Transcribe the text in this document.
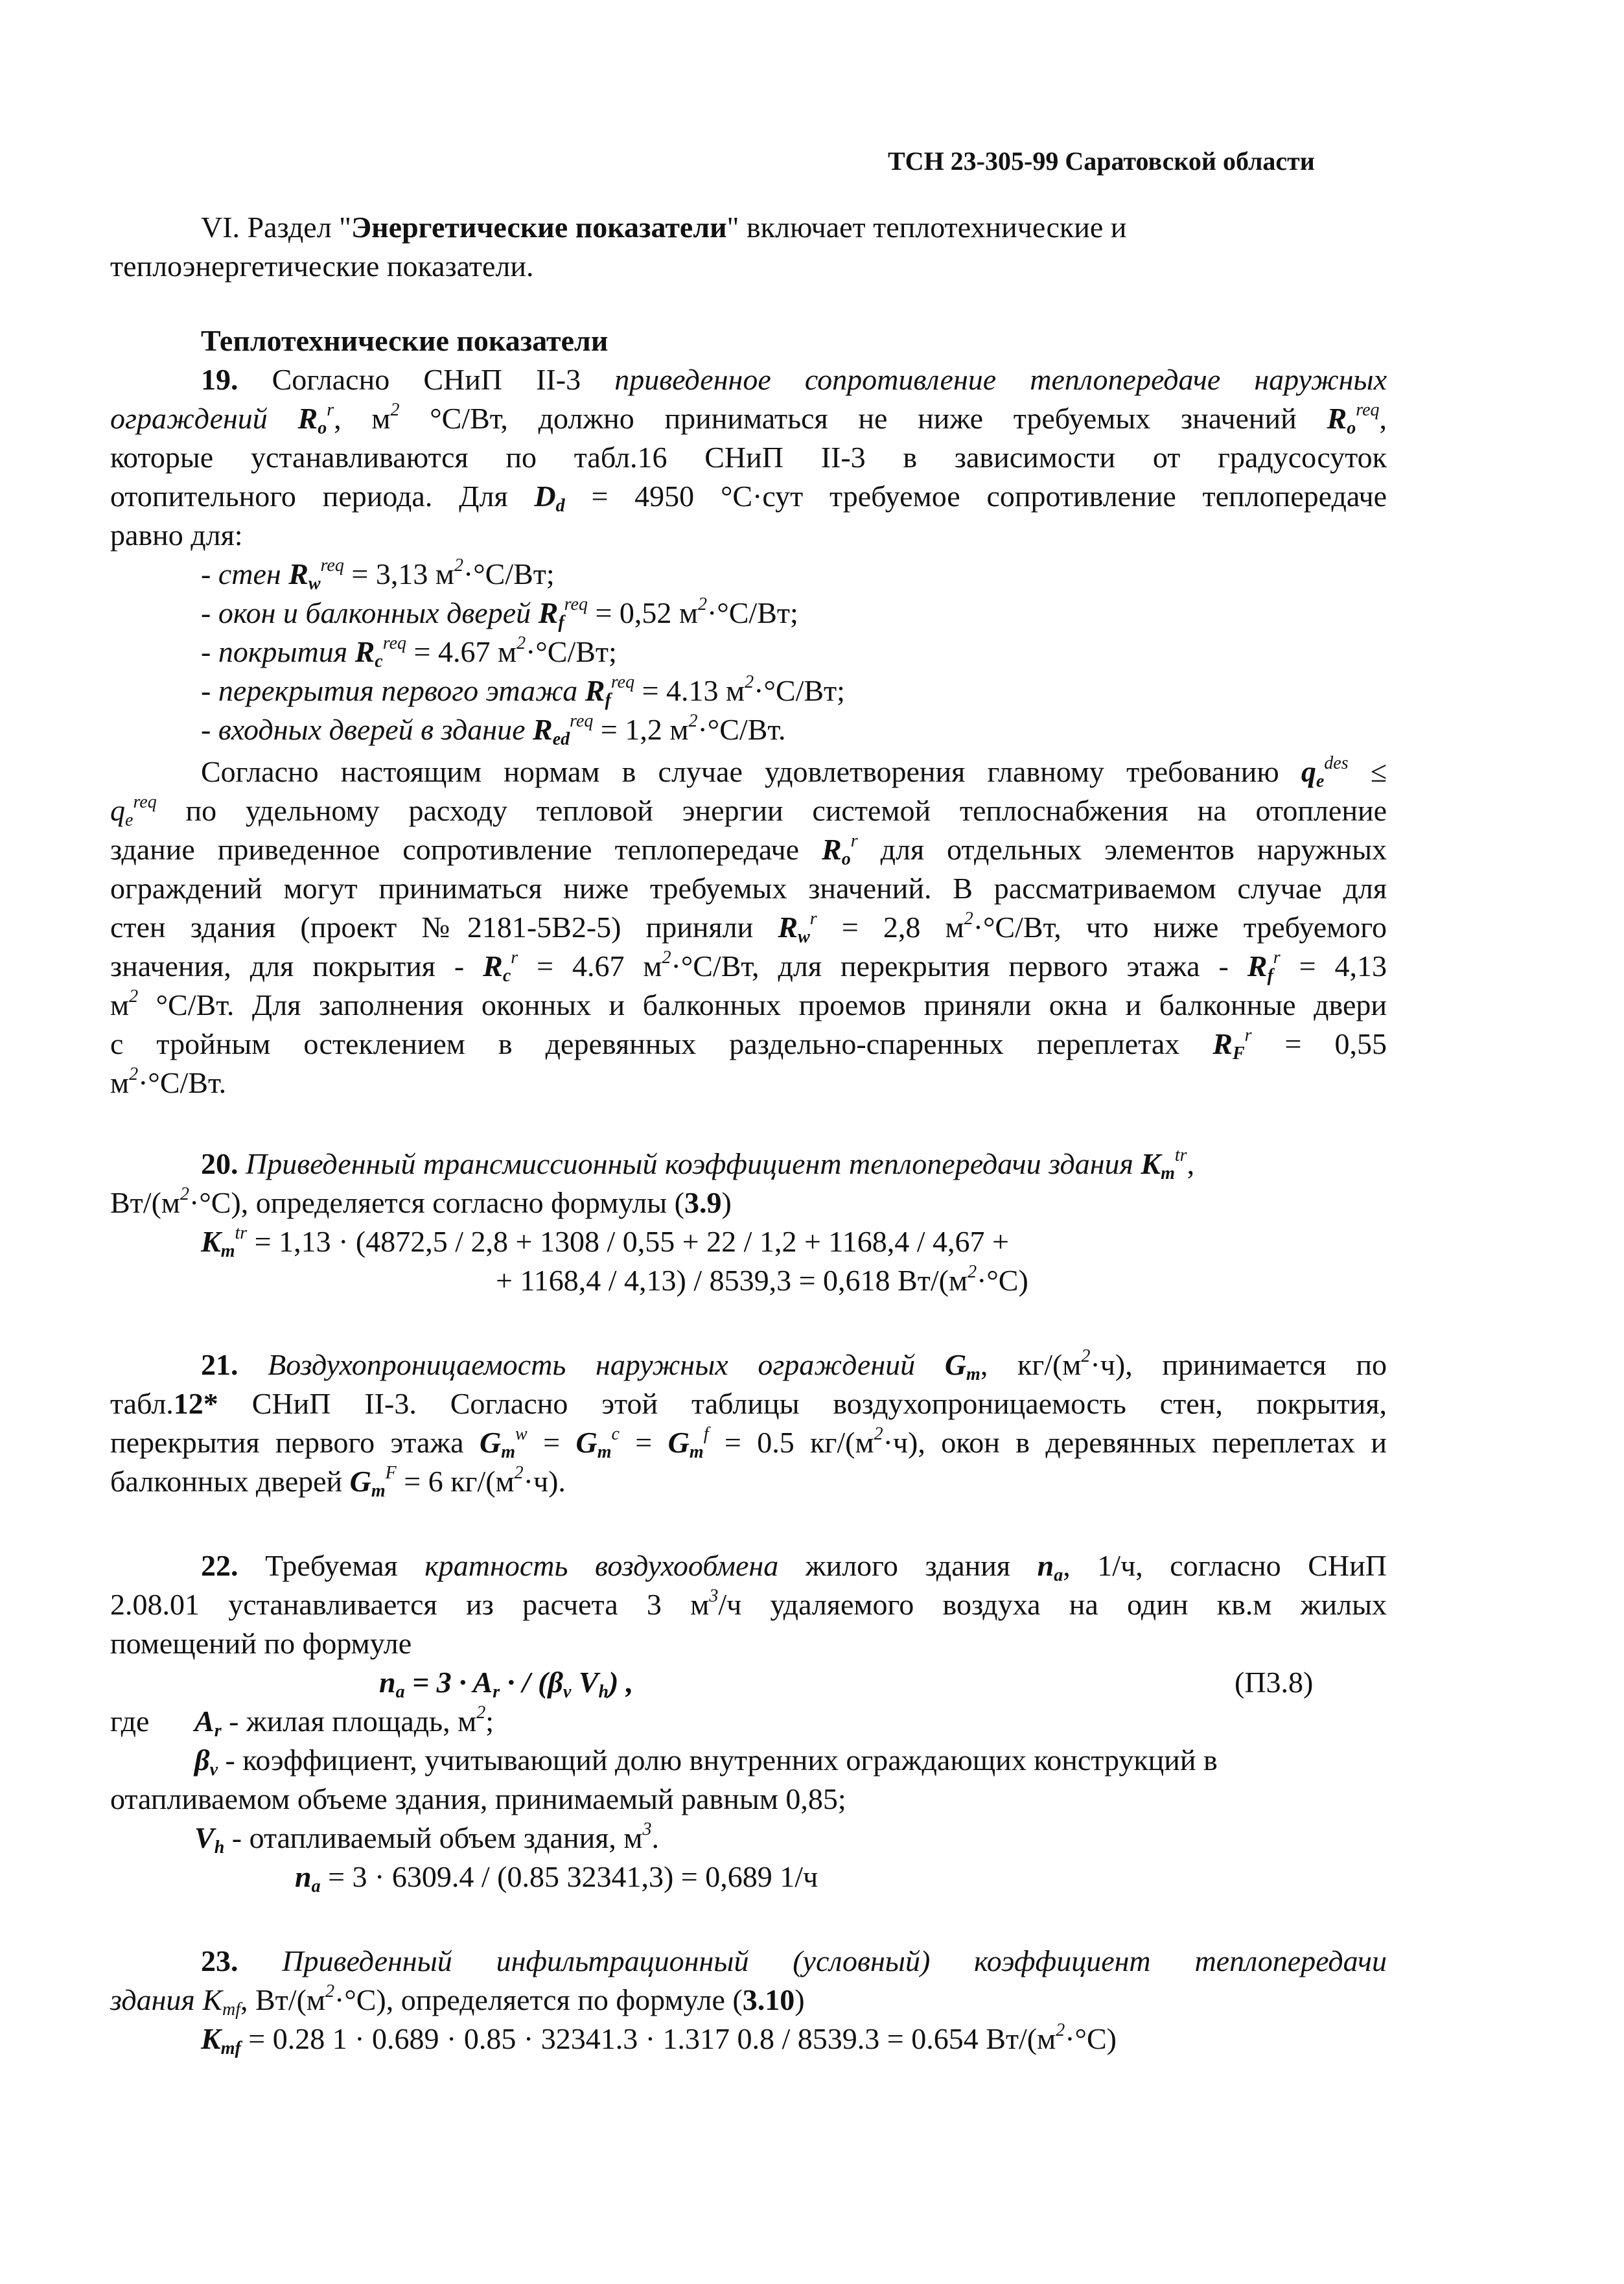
ТСН 23-305-99 Саратовской области
VI. Раздел "Энергетические показатели" включает теплотехнические и
теплоэнергетические показатели.
Теплотехнические показатели
19. Согласно СНиП II-3 приведенное сопротивление теплопередаче наружных
ограждений $R_o^r$, $м^2$ °С/Вт, должно приниматься не ниже требуемых значений $R_o^{req}$,
которые устанавливаются по табл.16 СНиП II-3 в зависимости от градусосуток
отопительного периода. Для $D_d = 4950$ °С·сут требуемое сопротивление теплопередаче
равно для:
- стен $R_w^{req} = 3,13$ $м^2\cdot^\circ С/Вт$;
- окон и балконных дверей $R_f^{req} = 0,52$ $м^2\cdot^\circ С/Вт$;
- покрытия $R_c^{req} = 4.67$ $м^2\cdot^\circ С/Вт$;
- перекрытия первого этажа $R_f^{req} = 4.13$ $м^2\cdot^\circ С/Вт$;
- входных дверей в здание $R_{ed}^{req} = 1,2$ $м^2\cdot^\circ С/Вт$.
Согласно настоящим нормам в случае удовлетворения главному требованию $q_e^{des}$ ≤
$q_e^{req}$ по удельному расходу тепловой энергии системой теплоснабжения на отопление
здание приведенное сопротивление теплопередаче $R_o^r$ для отдельных элементов наружных
ограждений могут приниматься ниже требуемых значений. В рассматриваемом случае для
стен здания (проект №2181-5В2-5) приняли $R_w^r = 2,8$ $м^2\cdot^\circ С/Вт$, что ниже требуемого
значения, для покрытия - $R_c^r = 4.67$ $м^2\cdot^\circ С/Вт$, для перекрытия первого этажа - $R_f^r = 4,13$
$м^2$ °С/Вт. Для заполнения оконных и балконных проемов приняли окна и балконные двери
с тройным остеклением в деревянных раздельно-спаренных переплетах $R_F^r = 0,55$
$м^2\cdot^\circ С/Вт$.
20. Приведенный трансмиссионный коэффициент теплопередачи здания $K_m^{tr}$,
$Вт/(м^2\cdot^\circ С)$, определяется согласно формулы (3.9)
$K_m^{tr} = 1,13 \cdot (4872,5 / 2,8 + 1308 / 0,55 + 22 / 1,2 + 1168,4 / 4,67$ +
+ 1168,4 / 4,13) / 8539,3 = 0,618 $Вт/(м^2\cdot^\circ С)$
21. Воздухопроницаемость наружных ограждений $G_m$, $кг/(м^2\cdot ч)$, принимается по
табл.12* СНиП II-3. Согласно этой таблицы воздухопроницаемость стен, покрытия,
перекрытия первого этажа $G_m^w = G_m^c = G_m^f = 0.5$ $кг/(м^2\cdot ч)$, окон в деревянных переплетах и
балконных дверей $G_m^F = 6$ $кг/(м^2\cdot ч)$.
22. Требуемая кратность воздухообмена жилого здания $n_a$, 1/ч, согласно СНиП
2.08.01 устанавливается из расчета 3 $м^3/ч$ удаляемого воздуха на один кв.м жилых
помещений по формуле
$n_a = 3 \cdot A_r$ · / ($\beta_v$ $V_h$) ,	(П3.8)
где $A_r$ - жилая площадь, $м^2$;
$\beta_v$ - коэффициент, учитывающий долю внутренних ограждающих конструкций в
отапливаемом объеме здания, принимаемый равным 0,85;
$V_h$ - отапливаемый объем здания, $м^3$.
$n_a = 3 \cdot 6309.4 / (0.85$ 32341,3) = 0,689 1/ч
23. Приведенный инфильтрационный (условный) коэффициент теплопередачи
здания $K_{mf}$, $Вт/(м^2\cdot^\circ С)$, определяется по формуле (3.10)
$K_{mf} = 0.28$ 1 · 0.689 · 0.85 · 32341.3 · 1.317 0.8 / 8539.3 = 0.654 $Вт/(м^2\cdot^\circ С)$
